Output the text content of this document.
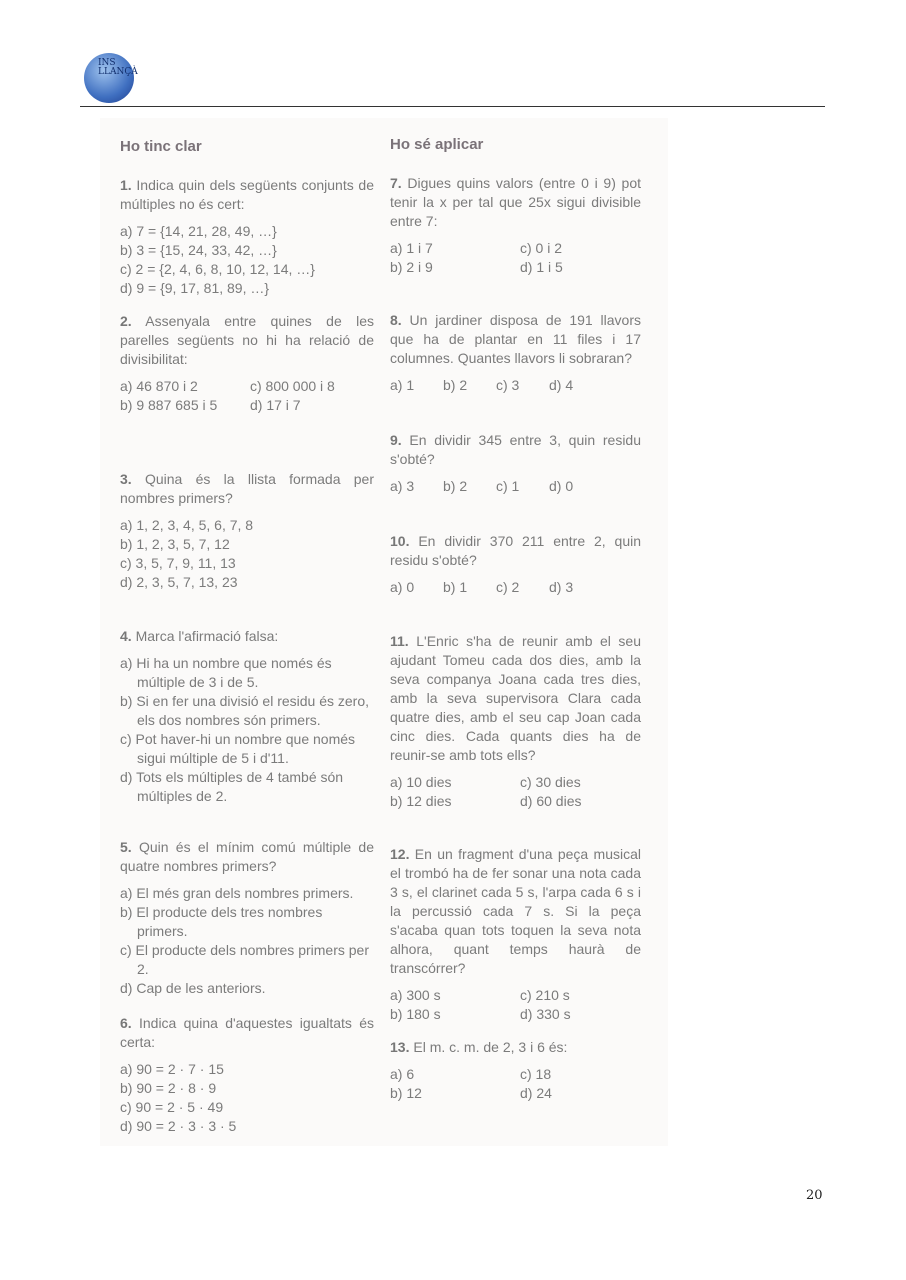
INS
LLANÇÀ
Ho tinc clar	Ho sé aplicar
1. Indica quin dels següents conjunts de múltiples no és cert:
a) 7 = {14, 21, 28, 49, …}
b) 3 = {15, 24, 33, 42, …}
c) 2 = {2, 4, 6, 8, 10, 12, 14, …}
d) 9 = {9, 17, 81, 89, …}
2. Assenyala entre quines de les parelles següents no hi ha relació de divisibilitat:
a) 46 870 i 2	c) 800 000 i 8
b) 9 887 685 i 5	d) 17 i 7
3. Quina és la llista formada per nombres primers?
a) 1, 2, 3, 4, 5, 6, 7, 8
b) 1, 2, 3, 5, 7, 12
c) 3, 5, 7, 9, 11, 13
d) 2, 3, 5, 7, 13, 23
4. Marca l'afirmació falsa:
a) Hi ha un nombre que només és múltiple de 3 i de 5.
b) Si en fer una divisió el residu és zero, els dos nombres són primers.
c) Pot haver-hi un nombre que només sigui múltiple de 5 i d'11.
d) Tots els múltiples de 4 també són múltiples de 2.
5. Quin és el mínim comú múltiple de quatre nombres primers?
a) El més gran dels nombres primers.
b) El producte dels tres nombres primers.
c) El producte dels nombres primers per 2.
d) Cap de les anteriors.
6. Indica quina d'aquestes igualtats és certa:
a) 90 = 2 · 7 · 15
b) 90 = 2 · 8 · 9
c) 90 = 2 · 5 · 49
d) 90 = 2 · 3 · 3 · 5
7. Digues quins valors (entre 0 i 9) pot tenir la x per tal que 25x sigui divisible entre 7:
a) 1 i 7	c) 0 i 2
b) 2 i 9	d) 1 i 5
8. Un jardiner disposa de 191 llavors que ha de plantar en 11 files i 17 columnes. Quantes llavors li sobraran?
a) 1 b) 2 c) 3 d) 4
9. En dividir 345 entre 3, quin residu s'obté?
a) 3 b) 2 c) 1 d) 0
10. En dividir 370 211 entre 2, quin residu s'obté?
a) 0 b) 1 c) 2 d) 3
11. L'Enric s'ha de reunir amb el seu ajudant Tomeu cada dos dies, amb la seva companya Joana cada tres dies, amb la seva supervisora Clara cada quatre dies, amb el seu cap Joan cada cinc dies. Cada quants dies ha de reunir-se amb tots ells?
a) 10 dies	c) 30 dies
b) 12 dies	d) 60 dies
12. En un fragment d'una peça musical el trombó ha de fer sonar una nota cada 3 s, el clarinet cada 5 s, l'arpa cada 6 s i la percussió cada 7 s. Si la peça s'acaba quan tots toquen la seva nota alhora, quant temps haurà de transcórrer?
a) 300 s	c) 210 s
b) 180 s	d) 330 s
13. El m. c. m. de 2, 3 i 6 és:
a) 6	c) 18
b) 12	d) 24
20
